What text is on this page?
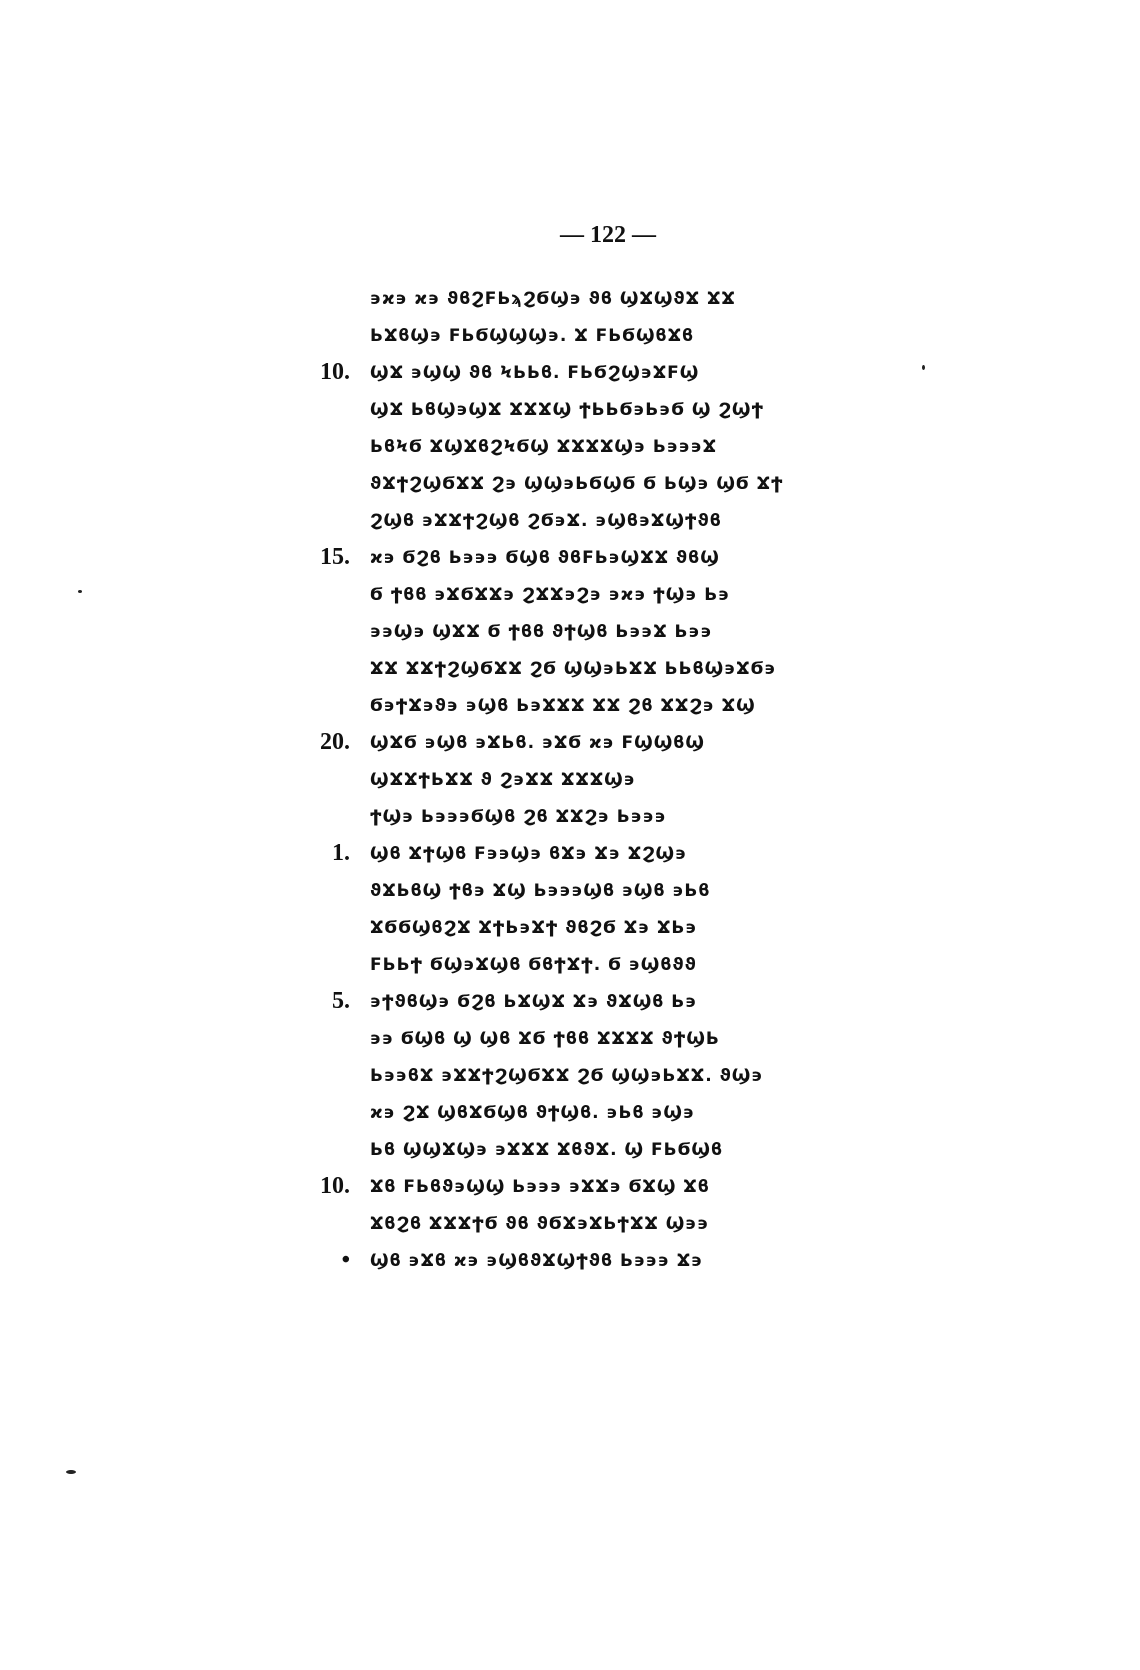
— 122 —
϶ϰ϶ ϰ϶ ϑϐϨϜЬϡϨϬϢ϶ ϑϐ ϢϪϢϑϪ ϪϪ
ЬϪϐϢ϶ ϜЬϬϢϢϢ϶. Ϫ ϜЬϬϢϐϪϐ
10. ϢϪ ϶ϢϢ ϑϐ ϞЬЬϐ. ϜЬϬϨϢ϶ϪϜϢ
ϢϪ ЬϐϢ϶ϢϪ ϪϪϪϢ ϮЬЬϬ϶Ь϶Ϭ Ϣ ϨϢϮ
ЬϐϞϬ ϪϢϪϐϨϞϬϢ ϪϪϪϪϢ϶ Ь϶϶϶Ϫ
ϑϪϮϨϢϬϪϪ Ϩ϶ ϢϢ϶ЬϬϢϬ Ϭ ЬϢ϶ ϢϬ ϪϮ
ϨϢϐ ϶ϪϪϮϨϢϐ ϨϬ϶Ϫ. ϶Ϣϐ϶ϪϢϮϑϐ
15. ϰ϶ ϬϨϐ Ь϶϶϶ ϬϢϐ ϑϐϜЬ϶ϢϪϪ ϑϐϢ
Ϭ Ϯϐϐ ϶ϪϬϪϪ϶ ϨϪϪ϶Ϩ϶ ϶ϰ϶ ϮϢ϶ Ь϶
϶϶Ϣ϶ ϢϪϪ Ϭ Ϯϐϐ ϑϮϢϐ Ь϶϶Ϫ Ь϶϶
ϪϪ ϪϪϮϨϢϬϪϪ ϨϬ ϢϢ϶ЬϪϪ ЬЬϐϢ϶ϪϬ϶
Ϭ϶ϮϪ϶ϑ϶ ϶Ϣϐ Ь϶ϪϪϪ ϪϪ Ϩϐ ϪϪϨ϶ ϪϢ
20. ϢϪϬ ϶Ϣϐ ϶ϪЬϐ. ϶ϪϬ ϰ϶ ϜϢϢϐϢ
ϢϪϪϮЬϪϪ ϑ Ϩ϶ϪϪ ϪϪϪϢ϶
ϮϢ϶ Ь϶϶϶ϬϢϐ Ϩϐ ϪϪϨ϶ Ь϶϶϶
1. Ϣϐ ϪϮϢϐ Ϝ϶϶Ϣ϶ ϐϪ϶ Ϫ϶ ϪϨϢ϶
ϑϪЬϐϢ Ϯϐ϶ ϪϢ Ь϶϶϶Ϣϐ ϶Ϣϐ ϶Ьϐ
ϪϬϬϢϐϨϪ ϪϮЬ϶ϪϮ ϑϐϨϬ Ϫ϶ ϪЬ϶
ϜЬЬϮ ϬϢ϶ϪϢϐ ϬϐϮϪϮ. Ϭ ϶Ϣϐϑϑ
5. ϶ϮϑϐϢ϶ ϬϨϐ ЬϪϢϪ Ϫ϶ ϑϪϢϐ Ь϶
϶϶ ϬϢϐ Ϣ Ϣϐ ϪϬ Ϯϐϐ ϪϪϪϪ ϑϮϢЬ
Ь϶϶ϐϪ ϶ϪϪϮϨϢϬϪϪ ϨϬ ϢϢ϶ЬϪϪ. ϑϢ϶
ϰ϶ ϨϪ ϢϐϪϬϢϐ ϑϮϢϐ. ϶Ьϐ ϶Ϣ϶
Ьϐ ϢϢϪϢ϶ ϶ϪϪϪ ϪϐϑϪ. Ϣ ϜЬϬϢϐ
10. Ϫϐ ϜЬϐϑ϶ϢϢ Ь϶϶϶ ϶ϪϪ϶ ϬϪϢ Ϫϐ
ϪϐϨϐ ϪϪϪϮϬ ϑϐ ϑϬϪ϶ϪЬϮϪϪ Ϣ϶϶
• Ϣϐ ϶Ϫϐ ϰ϶ ϶ϢϐϑϪϢϮϑϐ Ь϶϶϶ Ϫ϶
